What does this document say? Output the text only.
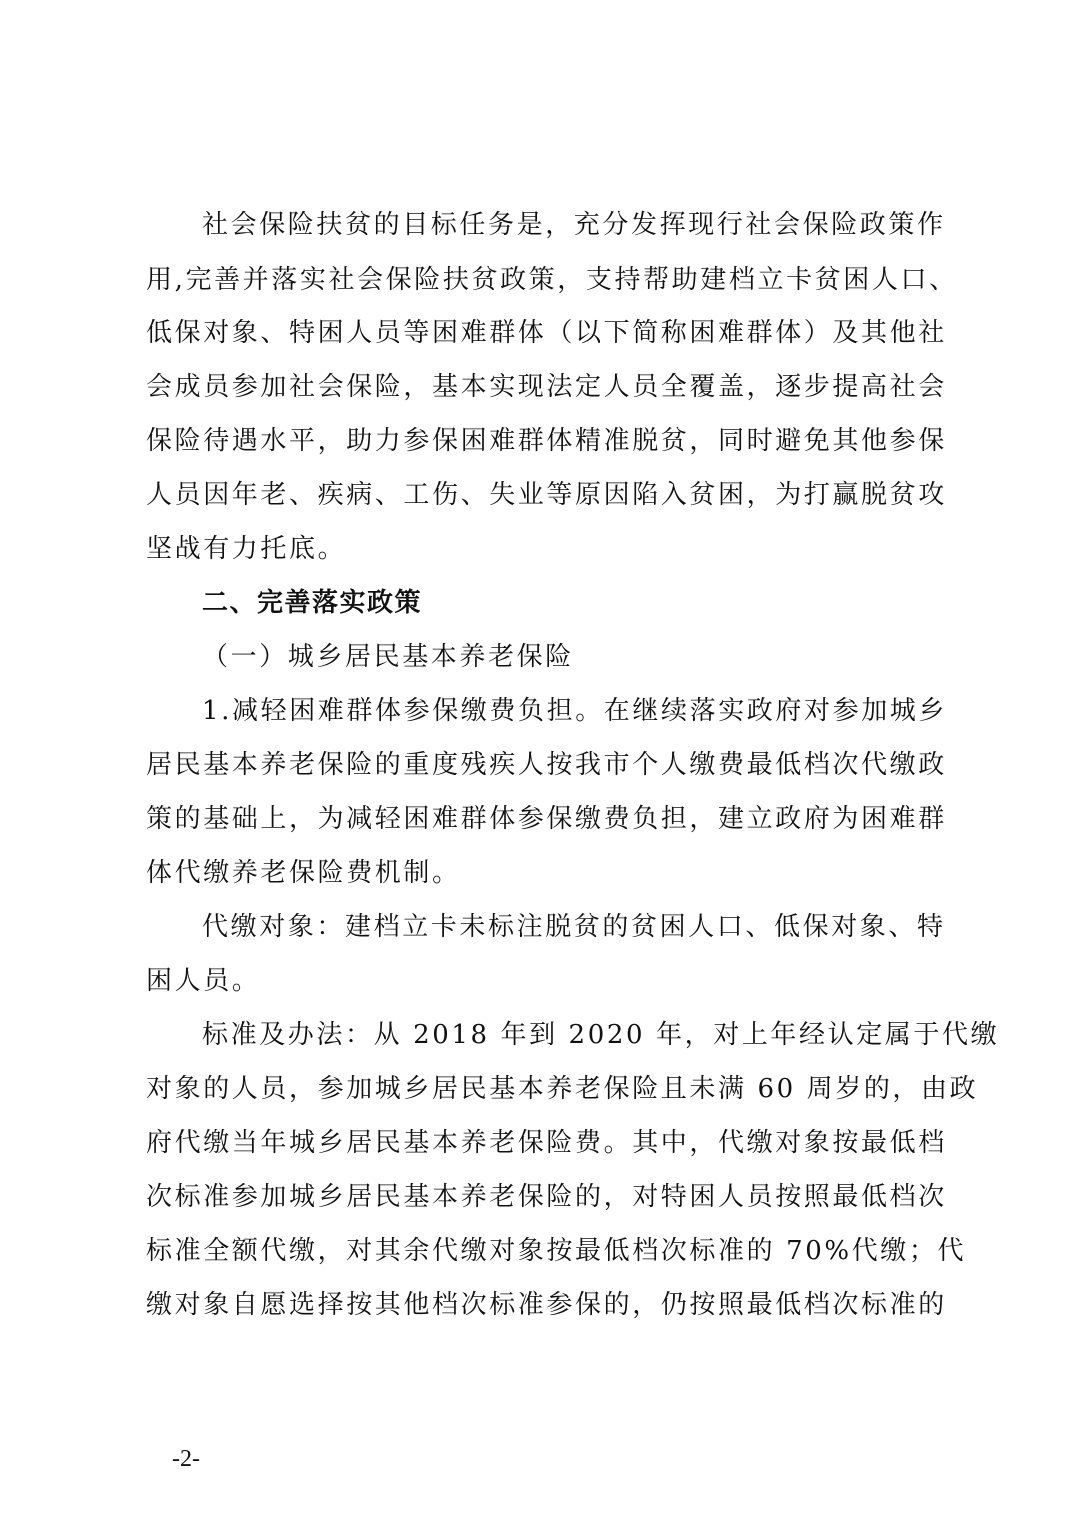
社会保险扶贫的目标任务是，充分发挥现行社会保险政策作
用,完善并落实社会保险扶贫政策，支持帮助建档立卡贫困人口、
低保对象、特困人员等困难群体（以下简称困难群体）及其他社
会成员参加社会保险，基本实现法定人员全覆盖，逐步提高社会
保险待遇水平，助力参保困难群体精准脱贫，同时避免其他参保
人员因年老、疾病、工伤、失业等原因陷入贫困，为打赢脱贫攻
坚战有力托底。
二、完善落实政策
（一）城乡居民基本养老保险
1.减轻困难群体参保缴费负担。在继续落实政府对参加城乡
居民基本养老保险的重度残疾人按我市个人缴费最低档次代缴政
策的基础上，为减轻困难群体参保缴费负担，建立政府为困难群
体代缴养老保险费机制。
代缴对象：建档立卡未标注脱贫的贫困人口、低保对象、特
困人员。
标准及办法：从 2018 年到 2020 年，对上年经认定属于代缴
对象的人员，参加城乡居民基本养老保险且未满 60 周岁的，由政
府代缴当年城乡居民基本养老保险费。其中，代缴对象按最低档
次标准参加城乡居民基本养老保险的，对特困人员按照最低档次
标准全额代缴，对其余代缴对象按最低档次标准的 70%代缴；代
缴对象自愿选择按其他档次标准参保的，仍按照最低档次标准的
-2-
